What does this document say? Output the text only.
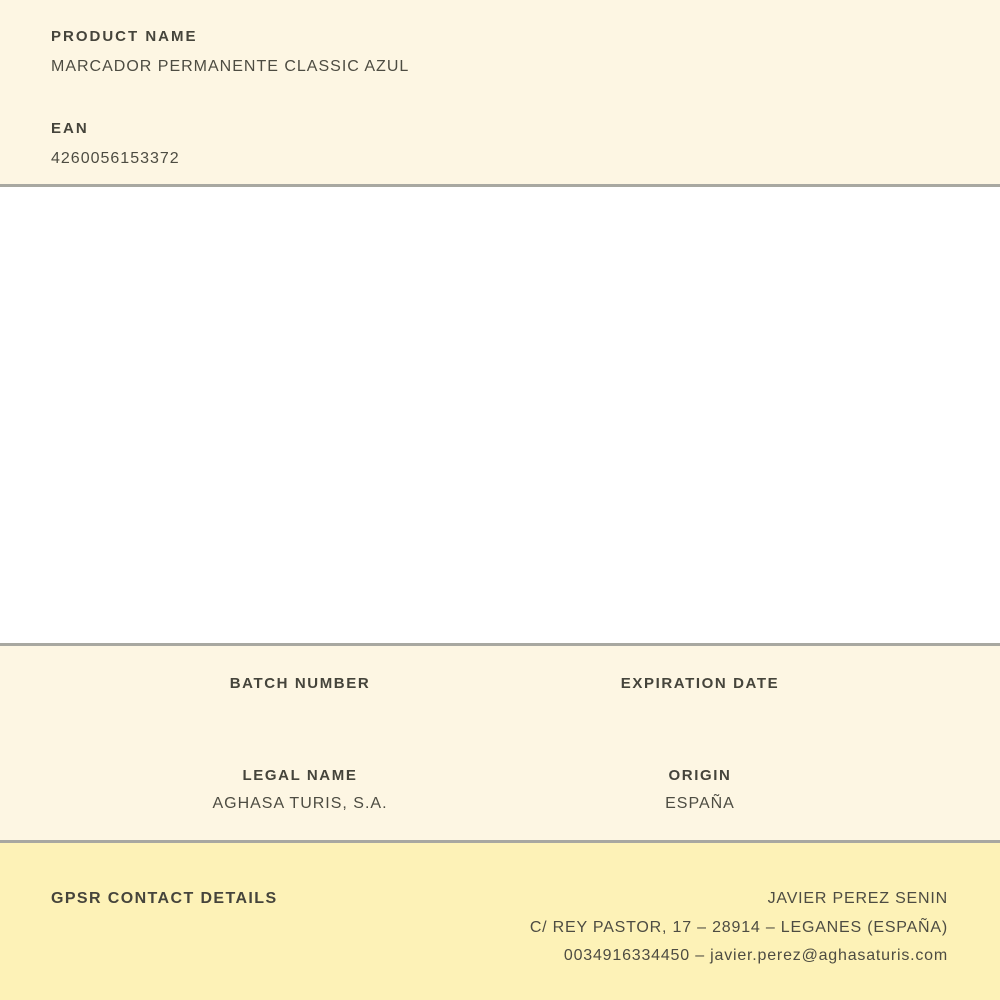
PRODUCT NAME
MARCADOR PERMANENTE CLASSIC AZUL
EAN
4260056153372
BATCH NUMBER	EXPIRATION DATE
LEGAL NAME	ORIGIN
AGHASA TURIS, S.A.	ESPAÑA
GPSR CONTACT DETAILS	JAVIER PEREZ SENIN
C/ REY PASTOR, 17 – 28914 – LEGANES (ESPAÑA)
0034916334450 – javier.perez@aghasaturis.com
